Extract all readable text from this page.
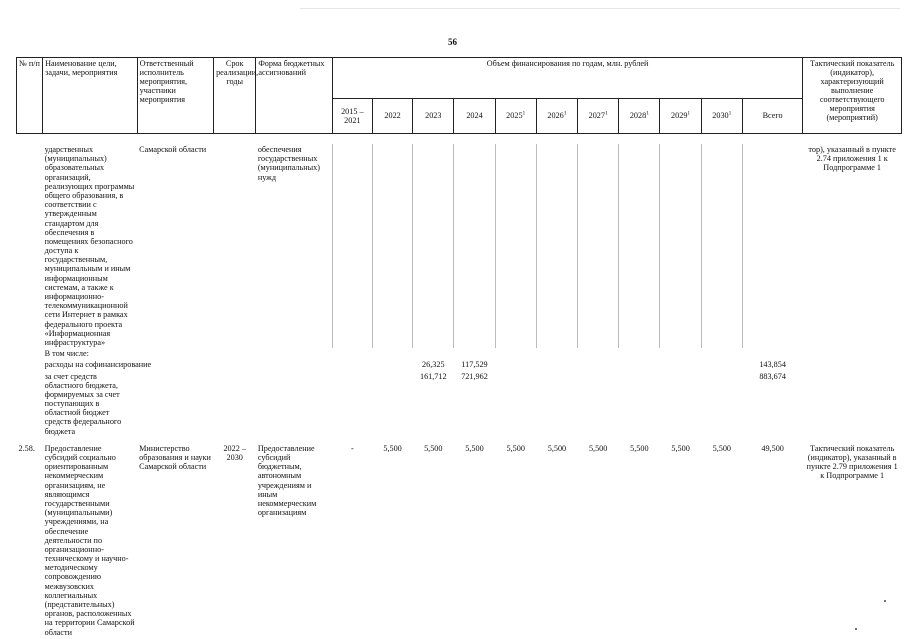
56
№ п/п	Наименование цели, задачи, мероприятия	Ответственный исполнитель мероприятия, участники мероприятия	Срок реализации, годы	Форма бюджетных ассигнований	Объем финансирования по годам, млн. рублей											Тактический показатель (индикатор), характеризующий выполнение соответствующего мероприятия (мероприятий)
					2015 – 2021	2022	2023	2024	2025$^1$	2026$^1$	2027$^1$	2028$^1$	2029$^1$	2030$^1$	Всего	

	ударственных (муниципальных) образовательных организаций, реализующих программы общего образования, в соответствии с утвержденным стандартом для обеспечения в помещениях безопасного доступа к государственным, муниципальным и иным информационным системам, а также к информационно-телекоммуникационной сети Интернет в рамках федерального проекта «Информационная инфраструктура»	Самарской области		обеспечения государственных (муниципальных) нужд												тор), указанный в пункте 2.74 приложения 1 к Подпрограмме 1
	В том числе:															
	расходы на софинансирование						26,325	117,529							143,854	
	за счет средств областного бюджета, формируемых за счет поступающих в областной бюджет средств федерального бюджета						161,712	721,962							883,674	

2.58.	Предоставление субсидий социально ориентированным некоммерческим организациям, не являющимся государственными (муниципальными) учреждениями, на обеспечение деятельности по организационно-техническому и научно-методическому сопровождению межвузовских коллегиальных (представительных) органов, расположенных на территории Самарской области	Министерство образования и науки Самарской области	2022 – 2030	Предоставление субсидий бюджетным, автономным учреждениям и иным некоммерческим организациям	-	5,500	5,500	5,500	5,500	5,500	5,500	5,500	5,500	5,500	49,500	Тактический показатель (индикатор), указанный в пункте 2.79 приложения 1 к Подпрограмме 1
